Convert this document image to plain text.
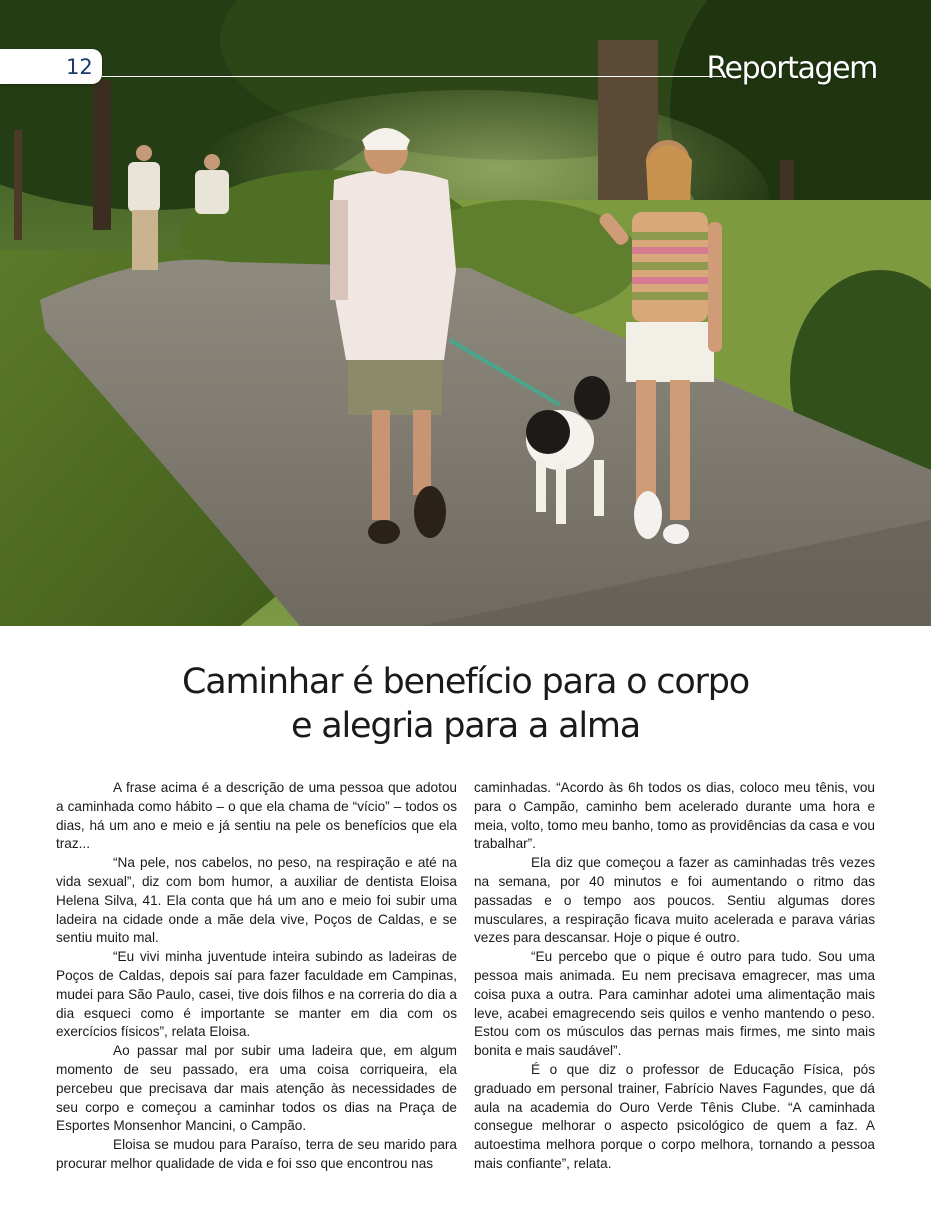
12	Reportagem
Caminhar é benefício para o corpo
e alegria para a alma

A frase acima é a descrição de uma pessoa que adotou a caminhada como hábito – o que ela chama de “vício” – todos os dias, há um ano e meio e já sentiu na pele os benefícios que ela traz...

“Na pele, nos cabelos, no peso, na respiração e até na vida sexual”, diz com bom humor, a auxiliar de dentista Eloisa Helena Silva, 41. Ela conta que há um ano e meio foi subir uma ladeira na cidade onde a mãe dela vive, Poços de Caldas, e se sentiu muito mal.

“Eu vivi minha juventude inteira subindo as ladeiras de Poços de Caldas, depois saí para fazer faculdade em Campinas, mudei para São Paulo, casei, tive dois filhos e na correria do dia a dia esqueci como é importante se manter em dia com os exercícios físicos”, relata Eloisa.

Ao passar mal por subir uma ladeira que, em algum momento de seu passado, era uma coisa corriqueira, ela percebeu que precisava dar mais atenção às necessidades de seu corpo e começou a caminhar todos os dias na Praça de Esportes Monsenhor Mancini, o Campão.

Eloisa se mudou para Paraíso, terra de seu marido para procurar melhor qualidade de vida e foi sso que encontrou nas

caminhadas. “Acordo às 6h todos os dias, coloco meu tênis, vou para o Campão, caminho bem acelerado durante uma hora e meia, volto, tomo meu banho, tomo as providências da casa e vou trabalhar”.

Ela diz que começou a fazer as caminhadas três vezes na semana, por 40 minutos e foi aumentando o ritmo das passadas e o tempo aos poucos. Sentiu algumas dores musculares, a respiração ficava muito acelerada e parava várias vezes para descansar. Hoje o pique é outro.

“Eu percebo que o pique é outro para tudo. Sou uma pessoa mais animada. Eu nem precisava emagrecer, mas uma coisa puxa a outra. Para caminhar adotei uma alimentação mais leve, acabei emagrecendo seis quilos e venho mantendo o peso. Estou com os músculos das pernas mais firmes, me sinto mais bonita e mais saudável”.

É o que diz o professor de Educação Física, pós graduado em personal trainer, Fabrício Naves Fagundes, que dá aula na academia do Ouro Verde Tênis Clube. “A caminhada consegue melhorar o aspecto psicológico de quem a faz. A autoestima melhora porque o corpo melhora, tornando a pessoa mais confiante”, relata.
